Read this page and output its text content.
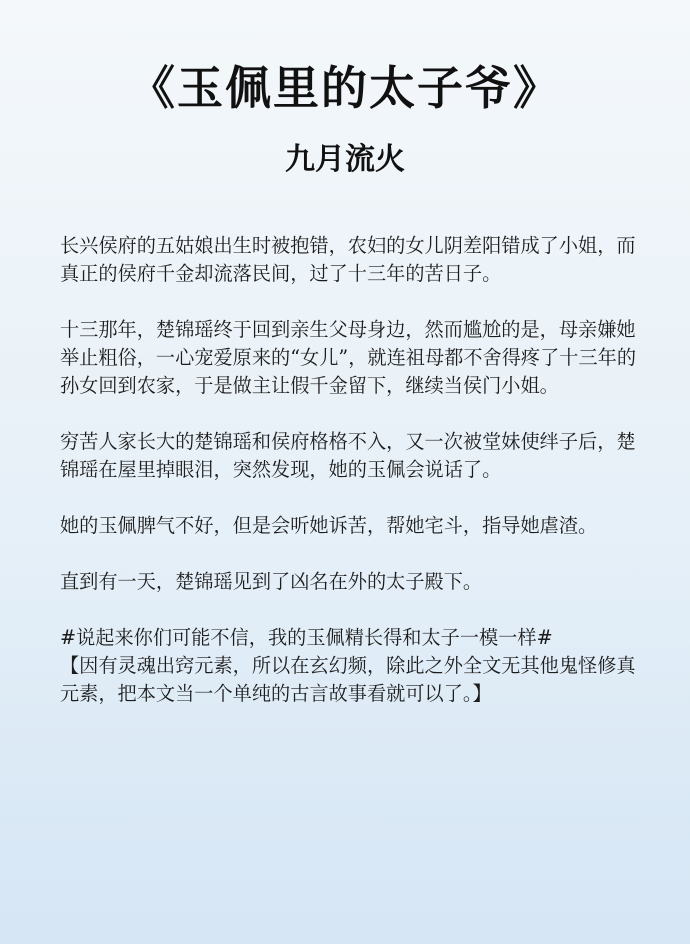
《玉佩里的太子爷》
九月流火

长兴侯府的五姑娘出生时被抱错，农妇的女儿阴差阳错成了小姐，而真正的侯府千金却流落民间，过了十三年的苦日子。

十三那年，楚锦瑶终于回到亲生父母身边，然而尴尬的是，母亲嫌她举止粗俗，一心宠爱原来的“女儿”，就连祖母都不舍得疼了十三年的孙女回到农家，于是做主让假千金留下，继续当侯门小姐。

穷苦人家长大的楚锦瑶和侯府格格不入，又一次被堂妹使绊子后，楚锦瑶在屋里掉眼泪，突然发现，她的玉佩会说话了。

她的玉佩脾气不好，但是会听她诉苦，帮她宅斗，指导她虐渣。

直到有一天，楚锦瑶见到了凶名在外的太子殿下。

#说起来你们可能不信，我的玉佩精长得和太子一模一样#

【因有灵魂出窍元素，所以在玄幻频，除此之外全文无其他鬼怪修真元素，把本文当一个单纯的古言故事看就可以了。】
